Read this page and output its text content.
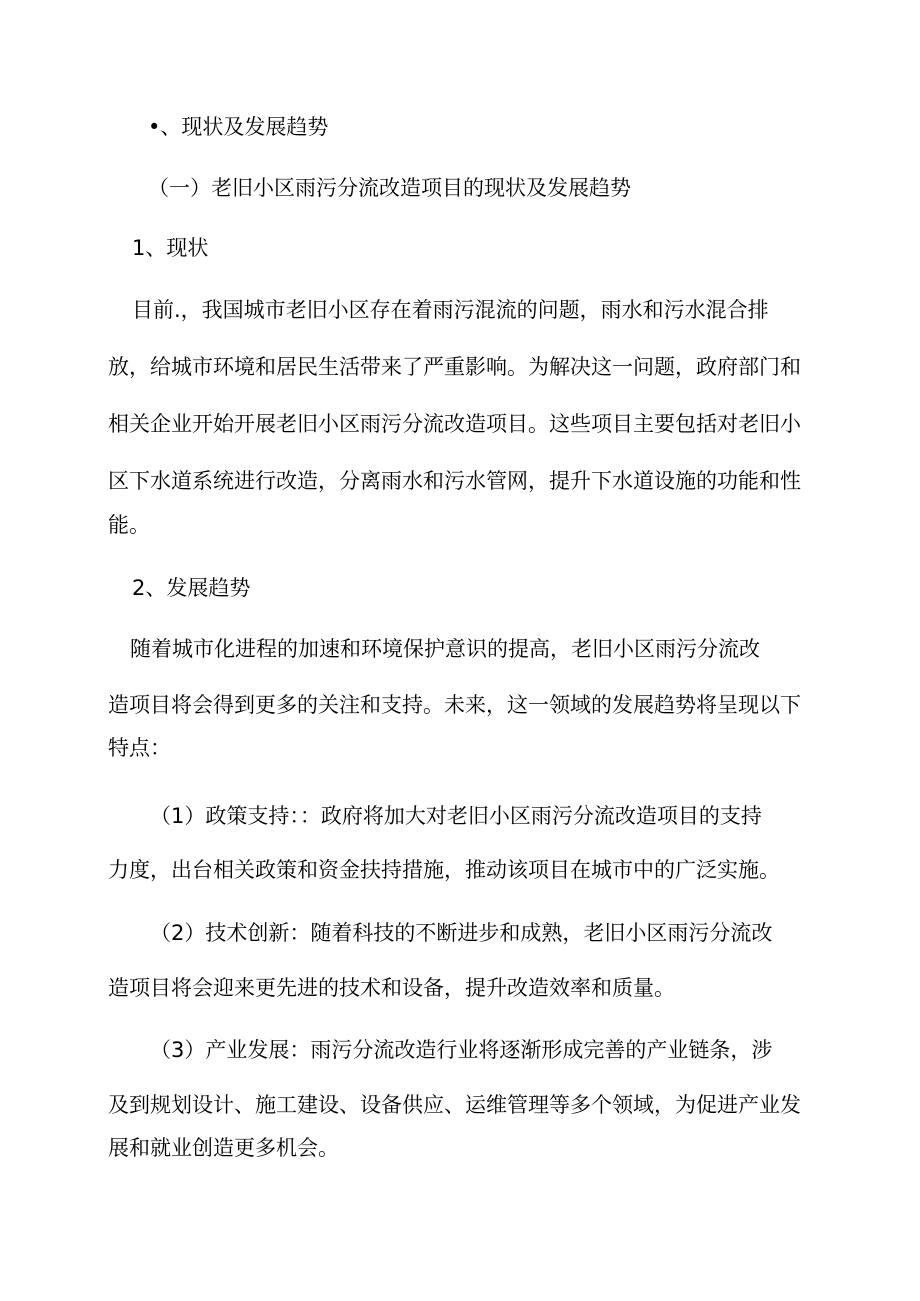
•、现状及发展趋势
（一）老旧小区雨污分流改造项目的现状及发展趋势
1、现状
目前.，我国城市老旧小区存在着雨污混流的问题，雨水和污水混合排
放，给城市环境和居民生活带来了严重影响。为解决这一问题，政府部门和
相关企业开始开展老旧小区雨污分流改造项目。这些项目主要包括对老旧小
区下水道系统进行改造，分离雨水和污水管网，提升下水道设施的功能和性
能。
2、发展趋势
随着城市化进程的加速和环境保护意识的提高，老旧小区雨污分流改
造项目将会得到更多的关注和支持。未来，这一领域的发展趋势将呈现以下
特点：
（1）政策支持：：政府将加大对老旧小区雨污分流改造项目的支持
力度，出台相关政策和资金扶持措施，推动该项目在城市中的广泛实施。
（2）技术创新：随着科技的不断进步和成熟，老旧小区雨污分流改
造项目将会迎来更先进的技术和设备，提升改造效率和质量。
（3）产业发展：雨污分流改造行业将逐渐形成完善的产业链条，涉
及到规划设计、施工建设、设备供应、运维管理等多个领域，为促进产业发
展和就业创造更多机会。
